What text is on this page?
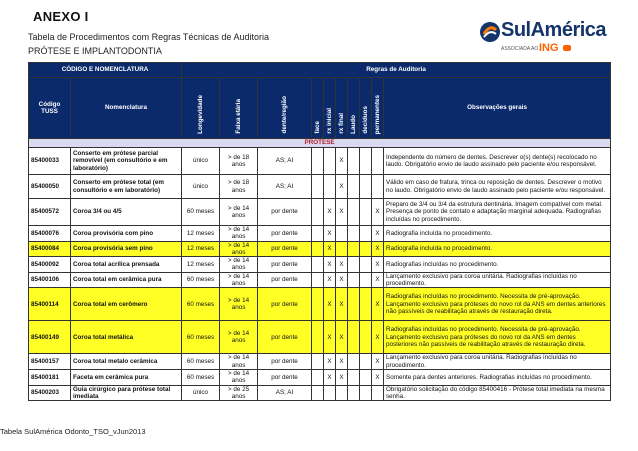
ANEXO I
Tabela de Procedimentos com Regras Técnicas de Auditoria
PRÓTESE E IMPLANTODONTIA
SulAmérica
ASSOCIADA AO ING
CÓDIGO E NOMENCLATURA		Regras de Auditoria									
Código TUSS	Nomenclatura	Longevidade	Faixa etária	dente/região	face	rx inicial	rx final	Laudo	decíduos	permanentes	Observações gerais
PRÓTESE											
85400033	Conserto em prótese parcial removível (em consultório e em laboratório)	único	> de 18 anos	AS; AI			X				Independente do número de dentes. Descrever o(s) dente(s) recolocado no laudo. Obrigatório envio de laudo assinado pelo paciente e/ou responsável.
85400050	Conserto em prótese total (em consultório e em laboratório)	único	> de 18 anos	AS; AI			X				Válido em caso de fratura, trinca ou reposição de dentes. Descrever o motivo no laudo. Obrigatório envio de laudo assinado pelo paciente e/ou responsável.
85400572	Coroa 3/4 ou 4/5	60 meses	> de 14 anos	por dente		X	X			X	Preparo de 3/4 ou 3/4 da estrutura dentinária. Imagem compatível com metal. Presença de ponto de contato e adaptação marginal adequada. Radiografias incluídas no procedimento.
85400076	Coroa provisória com pino	12 meses	> de 14 anos	por dente		X				X	Radiografia incluída no procedimento.
85400084	Coroa provisória sem pino	12 meses	> de 14 anos	por dente		X				X	Radiografia incluída no procedimento.
85400092	Coroa total acrílica prensada	12 meses	> de 14 anos	por dente		X	X			X	Radiografias incluídas no procedimento.
85400106	Coroa total em cerâmica pura	60 meses	> de 14 anos	por dente		X	X			X	Lançamento exclusivo para coroa unitária. Radiografias incluídas no procedimento.
85400114	Coroa total em cerômero	60 meses	> de 14 anos	por dente		X	X			X	Radiografias incluídas no procedimento. Necessita de pré-aprovação. Lançamento exclusivo para próteses do novo rol da ANS em dentes anteriores não passíveis de reabilitação através de restauração direta.
85400149	Coroa total metálica	60 meses	> de 14 anos	por dente		X	X			X	Radiografias incluídas no procedimento. Necessita de pré-aprovação. Lançamento exclusivo para próteses do novo rol da ANS em dentes posteriores não passíveis de reabilitação através de restauração direta.
85400157	Coroa total metalo cerâmica	60 meses	> de 14 anos	por dente		X	X			X	Lançamento exclusivo para coroa unitária. Radiografias incluídas no procedimento.
85400181	Faceta em cerâmica pura	60 meses	> de 14 anos	por dente		X	X			X	Somente para dentes anteriores. Radiografias incluídas no procedimento.
85400203	Guia cirúrgico para prótese total imediata	único	> de 25 anos	AS; AI							Obrigatório solicitação do código 85400416 - Prótese total imediata na mesma senha.
Tabela SulAmérica Odonto_TSO_vJun2013
